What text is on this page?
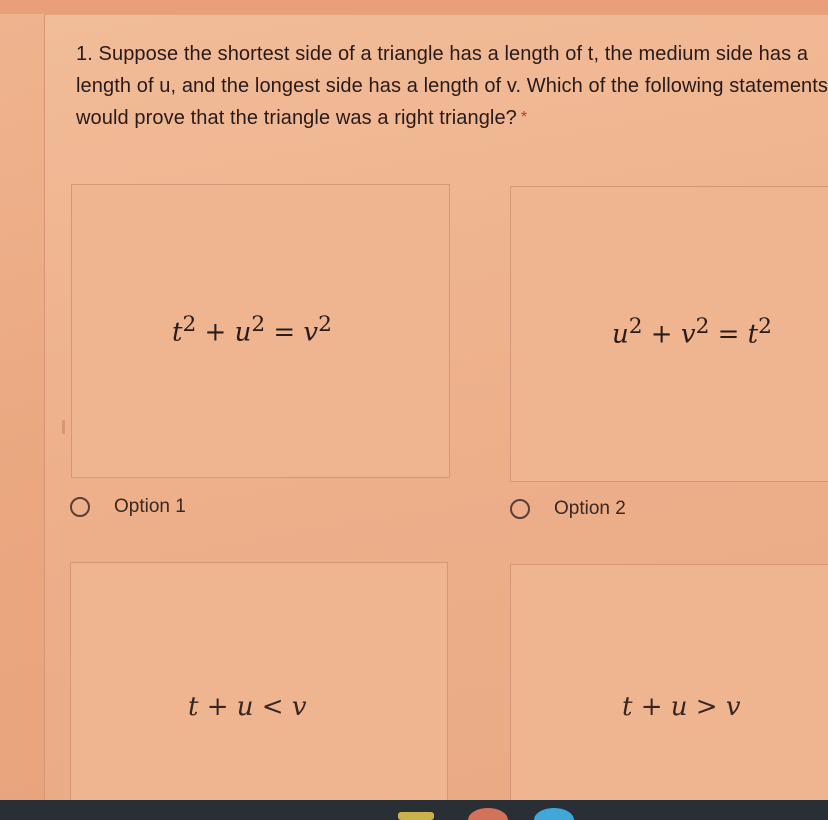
1. Suppose the shortest side of a triangle has a length of t, the medium side has a length of u, and the longest side has a length of v. Which of the following statements would prove that the triangle was a right triangle? *

$t^2 + u^2 = v^2$	$u^2 + v^2 = t^2$
Option 1	Option 2
t + u < v	t + u > v
